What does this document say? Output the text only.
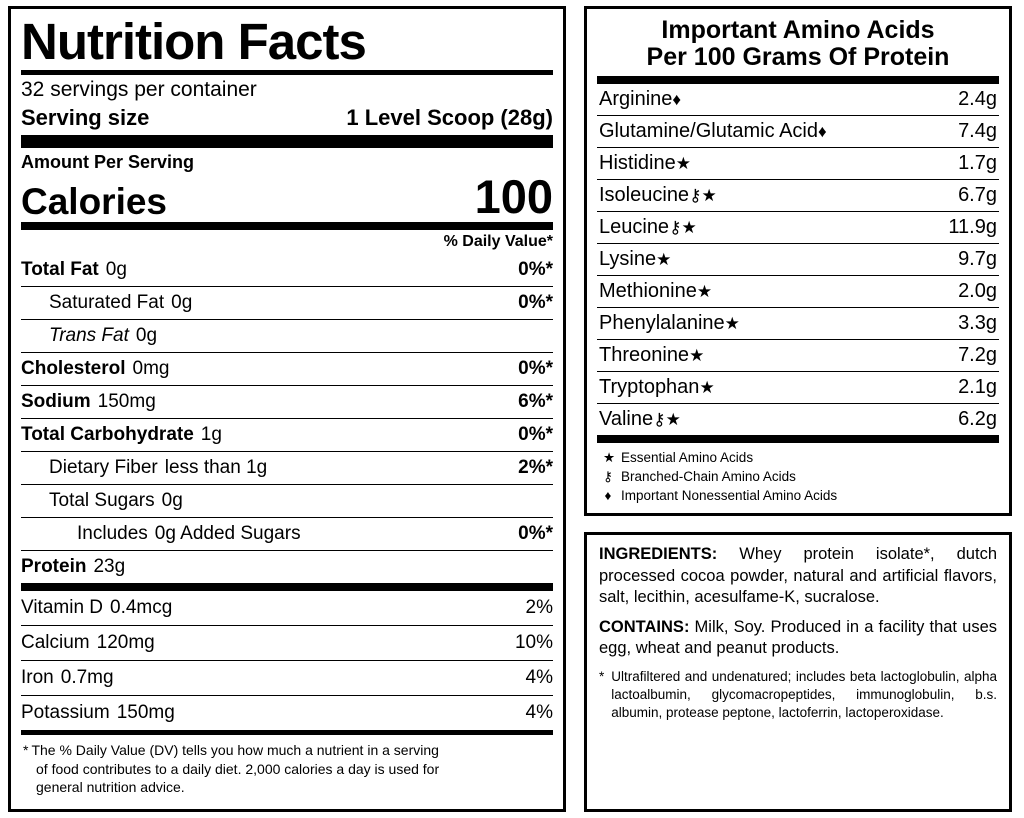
Nutrition Facts
32 servings per container
Serving size	1 Level Scoop (28g)
Amount Per Serving
Calories	100
% Daily Value*
Total Fat 0g	0%*
Saturated Fat 0g	0%*
Trans Fat 0g
Cholesterol 0mg	0%*
Sodium 150mg	6%*
Total Carbohydrate 1g	0%*
Dietary Fiber less than 1g	2%*
Total Sugars 0g
Includes 0g Added Sugars	0%*
Protein 23g
Vitamin D 0.4mcg	2%
Calcium 120mg	10%
Iron 0.7mg	4%
Potassium 150mg	4%
* The % Daily Value (DV) tells you how much a nutrient in a serving
of food contributes to a daily diet. 2,000 calories a day is used for
general nutrition advice.
Important Amino Acids
Per 100 Grams Of Protein
Arginine♦	2.4g
Glutamine/Glutamic Acid♦	7.4g
Histidine★	1.7g
Isoleucine⚷★	6.7g
Leucine⚷★	11.9g
Lysine★	9.7g
Methionine★	2.0g
Phenylalanine★	3.3g
Threonine★	7.2g
Tryptophan★	2.1g
Valine⚷★	6.2g
★ Essential Amino Acids
⚷ Branched-Chain Amino Acids
♦ Important Nonessential Amino Acids

INGREDIENTS: Whey protein isolate*, dutch processed cocoa powder, natural and artificial flavors, salt, lecithin, acesulfame-K, sucralose.

CONTAINS: Milk, Soy. Produced in a facility that uses egg, wheat and peanut products.

* Ultrafiltered and undenatured; includes beta lactoglobulin, alpha lactoalbumin, glycomacropeptides, immunoglobulin, b.s. albumin, protease peptone, lactoferrin, lactoperoxidase.
